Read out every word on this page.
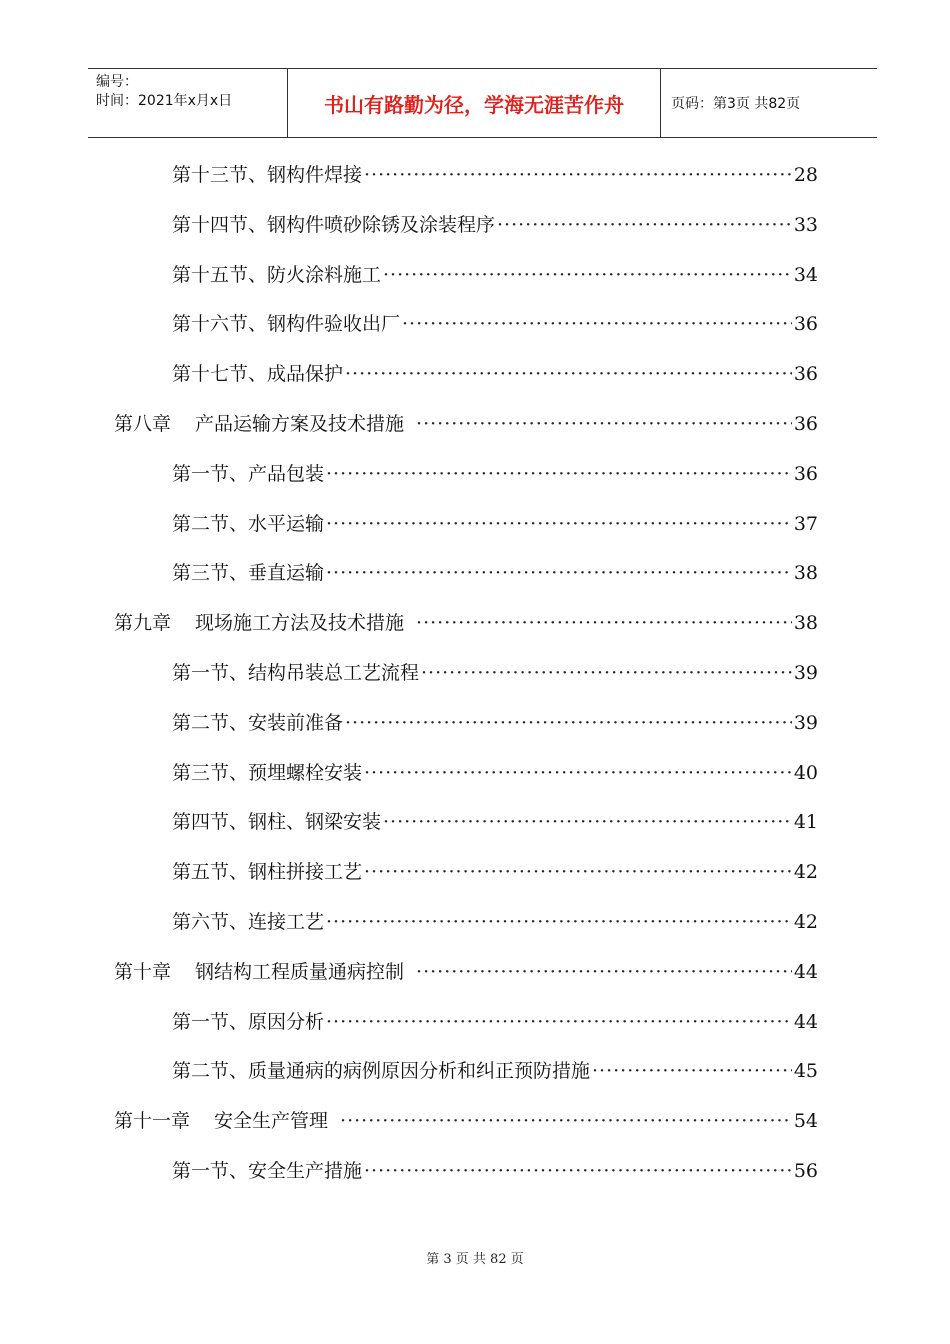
编号：
时间：2021年x月x日	书山有路勤为径，学海无涯苦作舟	页码：第3页 共82页
第十三节、钢构件焊接 ·····	28
第十四节、钢构件喷砂除锈及涂装程序 ·····	33
第十五节、防火涂料施工 ·····	34
第十六节、钢构件验收出厂 ·····	36
第十七节、成品保护 ·····	36
第八章 产品运输方案及技术措施 ·····	36
第一节、产品包装 ·····	36
第二节、水平运输 ·····	37
第三节、垂直运输 ·····	38
第九章 现场施工方法及技术措施 ·····	38
第一节、结构吊装总工艺流程 ·····	39
第二节、安装前准备 ·····	39
第三节、预埋螺栓安装 ·····	40
第四节、钢柱、钢梁安装 ·····	41
第五节、钢柱拼接工艺 ·····	42
第六节、连接工艺 ·····	42
第十章 钢结构工程质量通病控制 ·····	44
第一节、原因分析 ·····	44
第二节、质量通病的病例原因分析和纠正预防措施 ·····	45
第十一章 安全生产管理 ·····	54
第一节、安全生产措施 ·····	56
第 3 页 共 82 页
